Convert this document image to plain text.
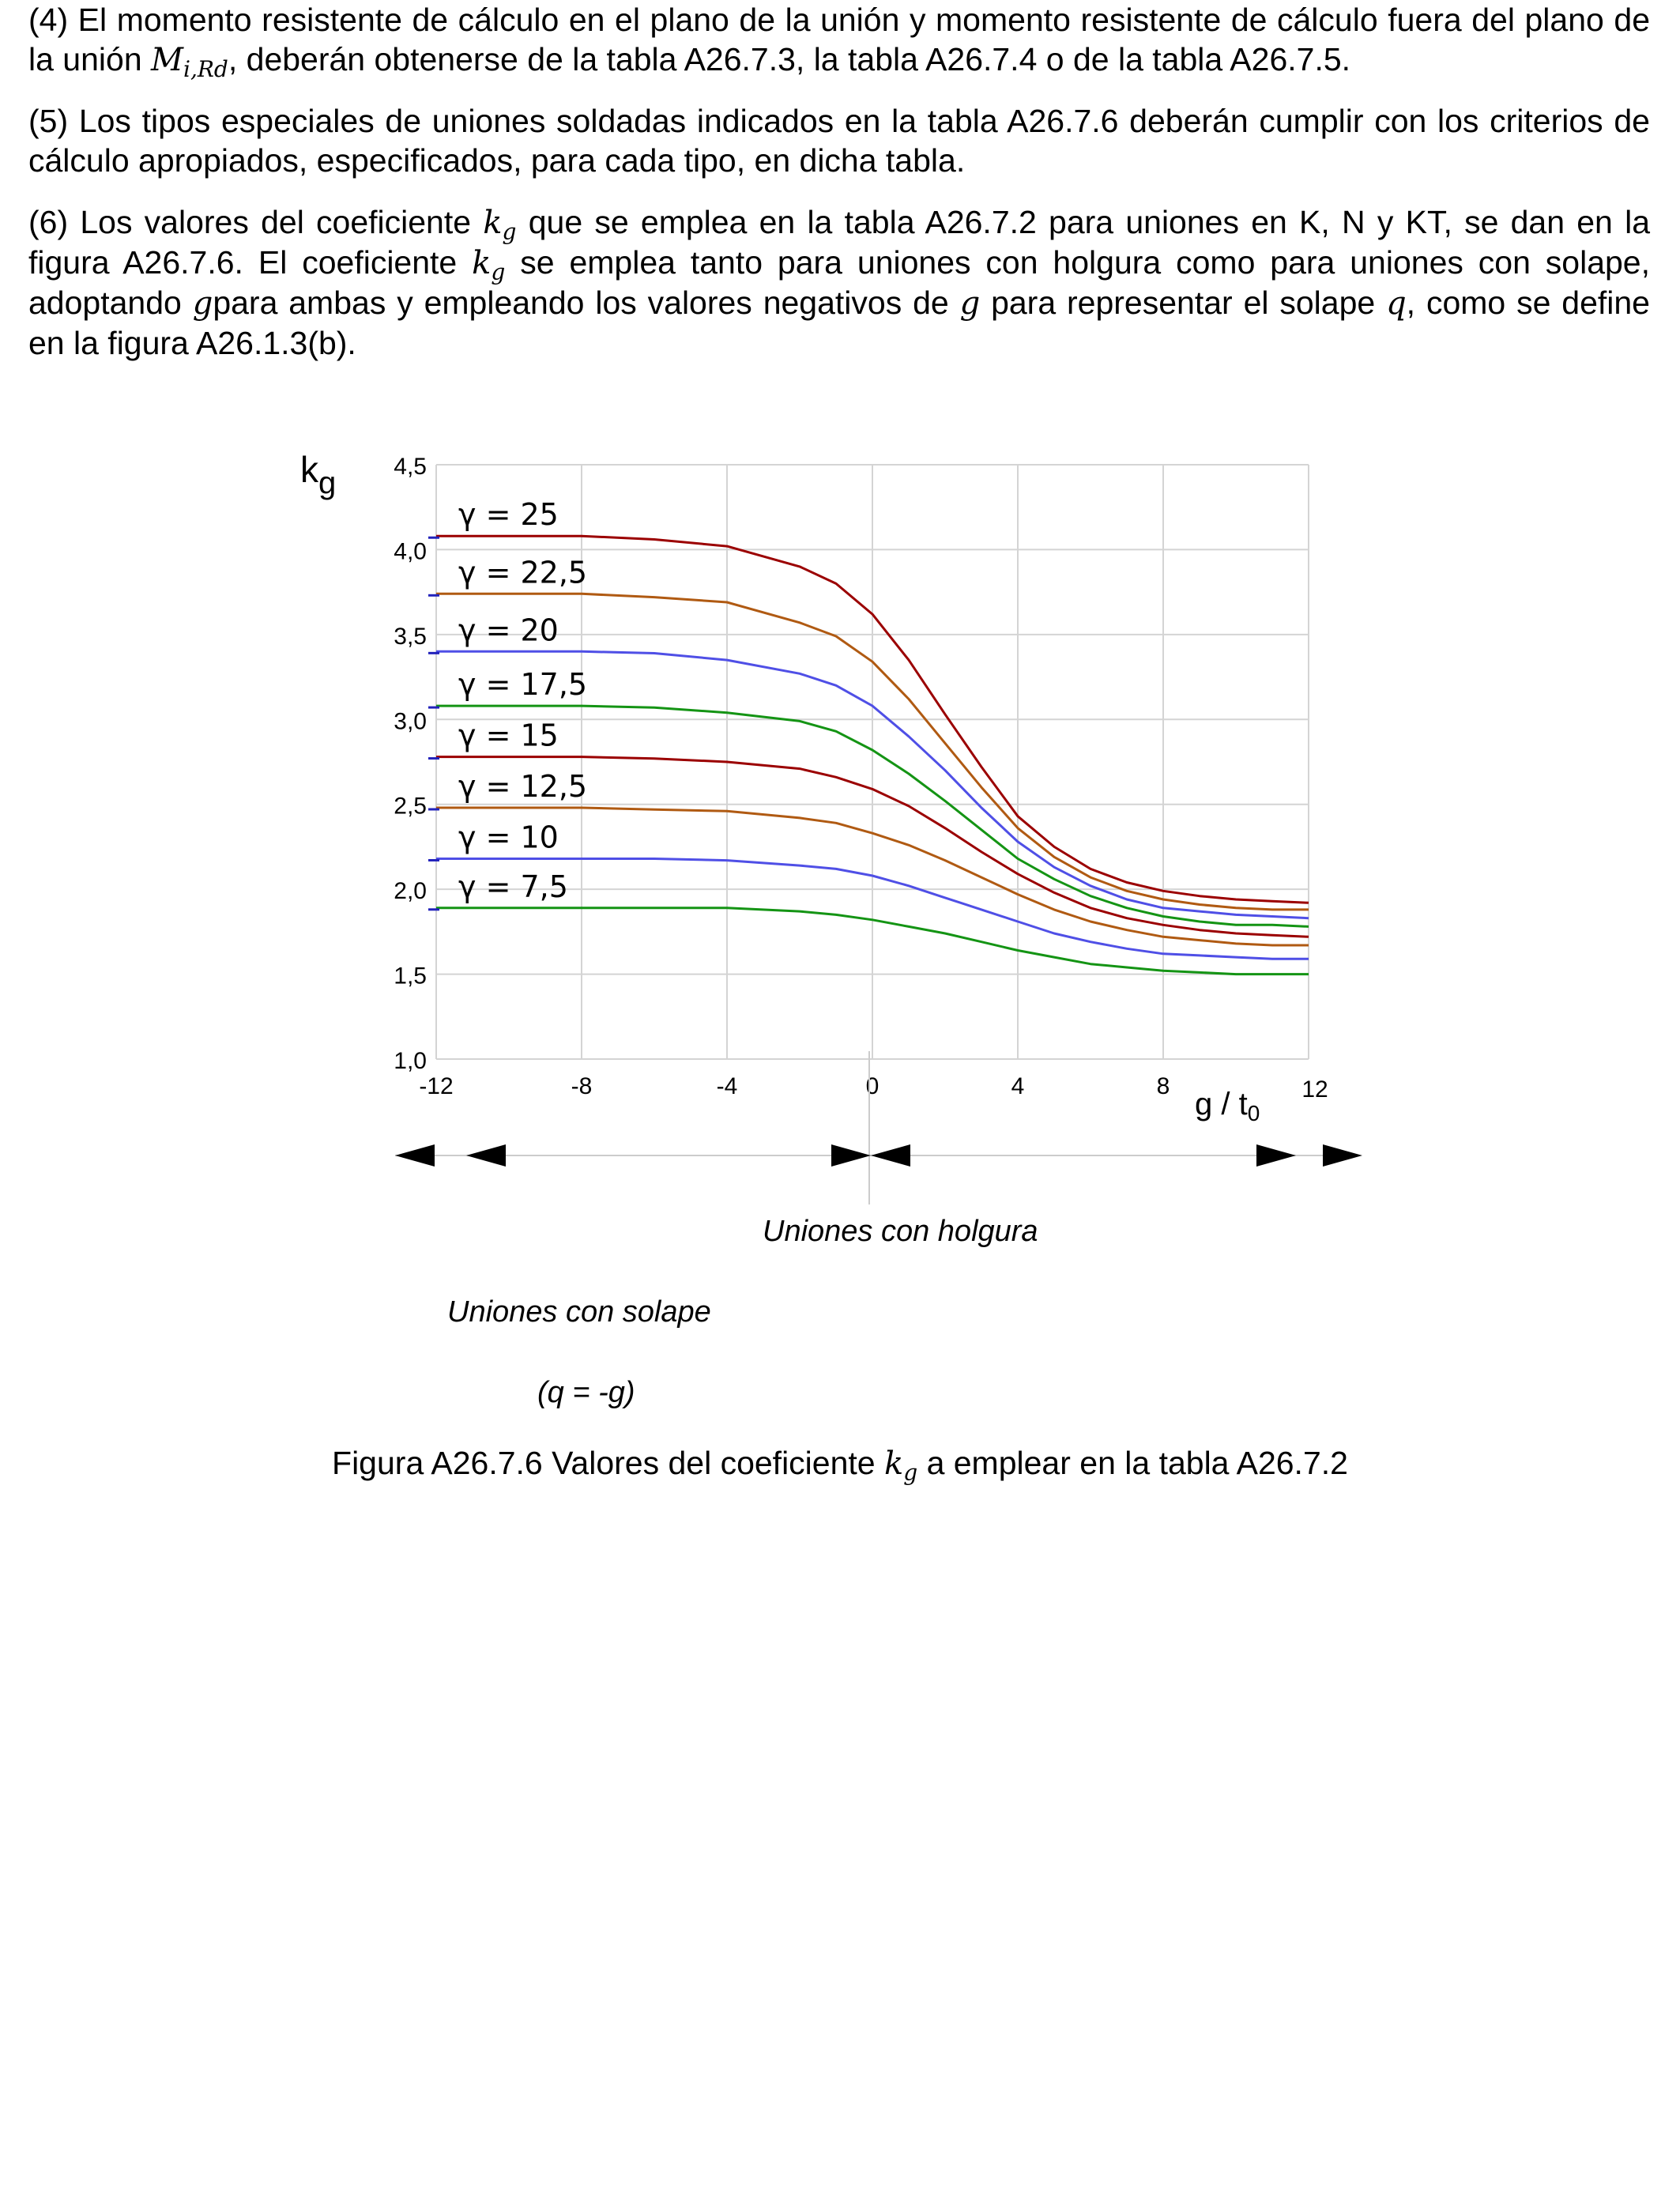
(4) El momento resistente de cálculo en el plano de la unión y momento resistente de cálculo fuera del plano de la unión $M_{i,Rd}$, deberán obtenerse de la tabla A26.7.3, la tabla A26.7.4 o de la tabla A26.7.5.

(5) Los tipos especiales de uniones soldadas indicados en la tabla A26.7.6 deberán cumplir con los criterios de cálculo apropiados, especificados, para cada tipo, en dicha tabla.

(6) Los valores del coeficiente $k_g$ que se emplea en la tabla A26.7.2 para uniones en K, N y KT, se dan en la figura A26.7.6. El coeficiente $k_g$ se emplea tanto para uniones con holgura como para uniones con solape, adoptando gpara ambas y empleando los valores negativos de g para representar el solape q, como se define en la figura A26.1.3(b).

1,0
1,5
2,0
2,5
3,0
3,5
4,0
4,5
-12	-8	-4	0	4	8	12
γ = 25
γ = 22,5
γ = 20
γ = 17,5
γ = 15
γ = 12,5
γ = 10
γ = 7,5
kg
g / $t_0$
Uniones con holgura
Uniones con solape
(q = -g)
Figura A26.7.6 Valores del coeficiente $k_g$ a emplear en la tabla A26.7.2
